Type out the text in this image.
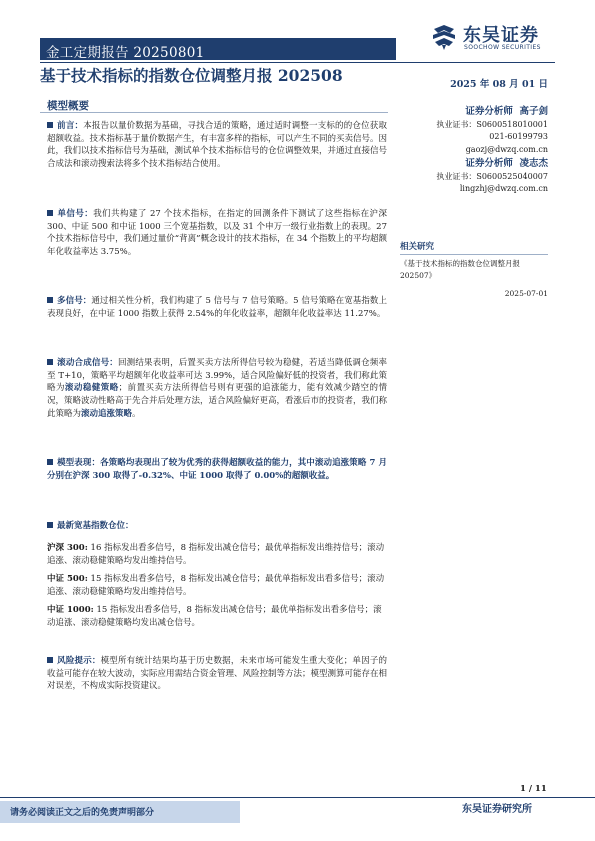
金工定期报告 20250801
东吴证券
SOOCHOW SECURITIES
基于技术指标的指数仓位调整月报 202508
模型概要
前言：本报告以量价数据为基础，寻找合适的策略，通过适时调整一支标的的仓位获取超额收益。技术指标基于量价数据产生，有丰富多样的指标，可以产生不同的买卖信号。因此，我们以技术指标信号为基础，测试单个技术指标信号的仓位调整效果，并通过直接信号合成法和滚动搜索法将多个技术指标结合使用。
单信号：我们共构建了 27 个技术指标，在指定的回测条件下测试了这些指标在沪深 300、中证 500 和中证 1000 三个宽基指数，以及 31 个申万一级行业指数上的表现。27 个技术指标信号中，我们通过量价“背离”概念设计的技术指标，在 34 个指数上的平均超额年化收益率达 3.75%。
多信号：通过相关性分析，我们构建了 5 信号与 7 信号策略。5 信号策略在宽基指数上表现良好，在中证 1000 指数上获得 2.54%的年化收益率，超额年化收益率达 11.27%。
滚动合成信号：回测结果表明，后置买卖方法所得信号较为稳健，若适当降低调仓频率至 T+10，策略平均超额年化收益率可达 3.99%，适合风险偏好低的投资者，我们称此策略为滚动稳健策略；前置买卖方法所得信号则有更强的追涨能力，能有效减少踏空的情况，策略波动性略高于先合并后处理方法，适合风险偏好更高，看涨后市的投资者，我们称此策略为滚动追涨策略。
模型表现：各策略均表现出了较为优秀的获得超额收益的能力，其中滚动追涨策略 7 月分别在沪深 300 取得了-0.32%、中证 1000 取得了 0.00%的超额收益。
最新宽基指数仓位：
沪深 300: 16 指标发出看多信号，8 指标发出减仓信号；最优单指标发出维持信号；滚动追涨、滚动稳健策略均发出维持信号。
中证 500: 15 指标发出看多信号，8 指标发出减仓信号；最优单指标发出看多信号；滚动追涨、滚动稳健策略均发出维持信号。
中证 1000: 15 指标发出看多信号，8 指标发出减仓信号；最优单指标发出看多信号；滚动追涨、滚动稳健策略均发出减仓信号。
风险提示：模型所有统计结果均基于历史数据，未来市场可能发生重大变化；单因子的收益可能存在较大波动，实际应用需结合资金管理、风险控制等方法；模型测算可能存在相对误差，不构成实际投资建议。
2025 年 08 月 01 日
证券分析师 高子剑
执业证书：S0600518010001
021-60199793
gaozj@dwzq.com.cn
证券分析师 凌志杰
执业证书：S0600525040007
lingzhj@dwzq.com.cn
相关研究
《基于技术指标的指数仓位调整月报 202507》
2025-07-01
1 / 11
请务必阅读正文之后的免责声明部分	东吴证券研究所
